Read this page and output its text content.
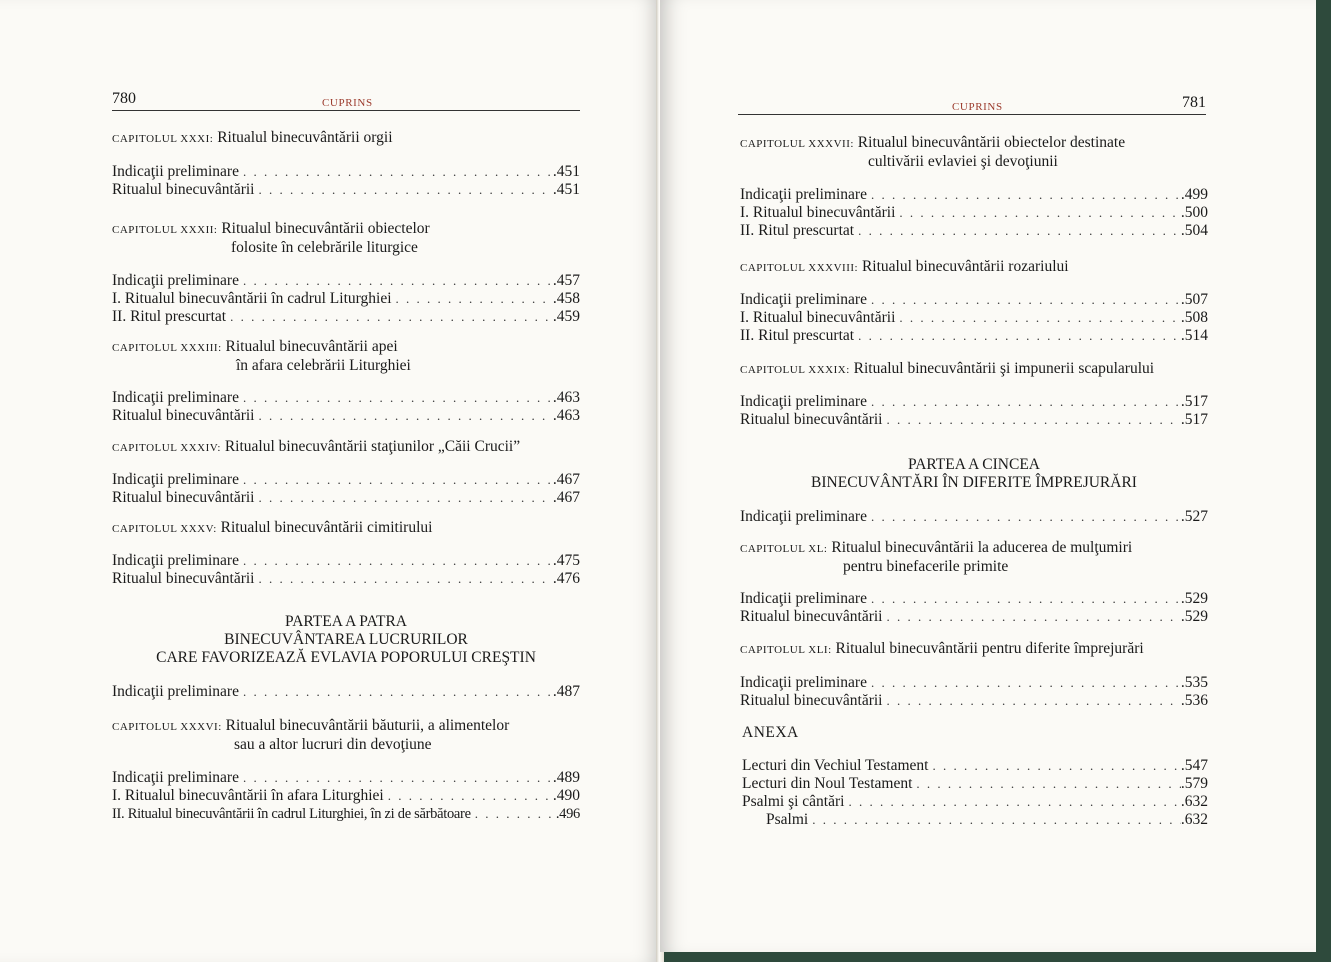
780	CUPRINS

CAPITOLUL XXXI: Ritualul binecuvântării orgii

Indicaţii preliminare . . .	.451
Ritualul binecuvântării . . .	.451

CAPITOLUL XXXII: Ritualul binecuvântării obiectelor
folosite în celebrările liturgice

Indicaţii preliminare . . .	.457
I. Ritualul binecuvântării în cadrul Liturghiei . . .	.458
II. Ritul prescurtat . . .	.459

CAPITOLUL XXXIII: Ritualul binecuvântării apei
în afara celebrării Liturghiei

Indicaţii preliminare . . .	.463
Ritualul binecuvântării . . .	.463

CAPITOLUL XXXIV: Ritualul binecuvântării staţiunilor „Căii Crucii”

Indicaţii preliminare . . .	.467
Ritualul binecuvântării . . .	.467

CAPITOLUL XXXV: Ritualul binecuvântării cimitirului

Indicaţii preliminare . . .	.475
Ritualul binecuvântării . . .	.476
PARTEA A PATRA
BINECUVÂNTAREA LUCRURILOR
CARE FAVORIZEAZĂ EVLAVIA POPORULUI CREŞTIN
Indicaţii preliminare . . .	.487

CAPITOLUL XXXVI: Ritualul binecuvântării băuturii, a alimentelor
sau a altor lucruri din devoţiune

Indicaţii preliminare . . .	.489
I. Ritualul binecuvântării în afara Liturghiei . . .	.490
II. Ritualul binecuvântării în cadrul Liturghiei, în zi de sărbătoare . . .	.496
CUPRINS	781

CAPITOLUL XXXVII: Ritualul binecuvântării obiectelor destinate
cultivării evlaviei şi devoţiunii

Indicaţii preliminare . . .	.499
I. Ritualul binecuvântării . . .	.500
II. Ritul prescurtat . . .	.504

CAPITOLUL XXXVIII: Ritualul binecuvântării rozariului

Indicaţii preliminare . . .	.507
I. Ritualul binecuvântării . . .	.508
II. Ritul prescurtat . . .	.514

CAPITOLUL XXXIX: Ritualul binecuvântării şi impunerii scapularului

Indicaţii preliminare . . .	.517
Ritualul binecuvântării . . .	.517
PARTEA A CINCEA
BINECUVÂNTĂRI ÎN DIFERITE ÎMPREJURĂRI
Indicaţii preliminare . . .	.527

CAPITOLUL XL: Ritualul binecuvântării la aducerea de mulţumiri
pentru binefacerile primite

Indicaţii preliminare . . .	.529
Ritualul binecuvântării . . .	.529

CAPITOLUL XLI: Ritualul binecuvântării pentru diferite împrejurări

Indicaţii preliminare . . .	.535
Ritualul binecuvântării . . .	.536
ANEXA
Lecturi din Vechiul Testament . . .	.547
Lecturi din Noul Testament . . .	.579
Psalmi şi cântări . . .	.632
Psalmi . . .	.632
